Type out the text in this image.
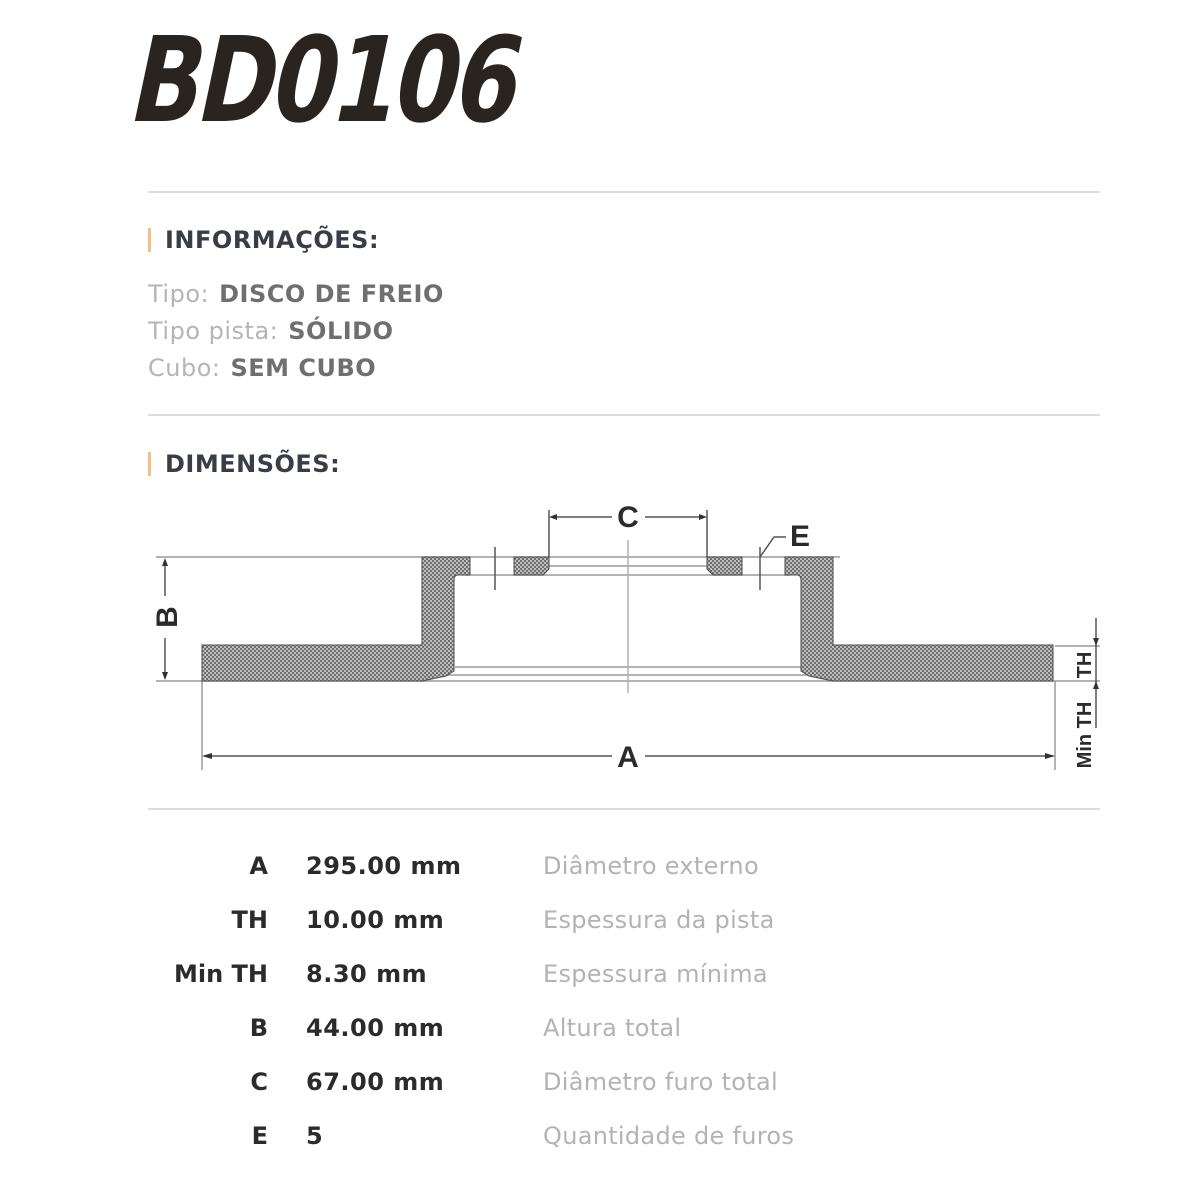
BD0106
INFORMAÇÕES:
Tipo: DISCO DE FREIO
Tipo pista: SÓLIDO
Cubo: SEM CUBO
DIMENSÕES:
C
E
B
A
TH
Min TH
A 295.00 mm	Diâmetro externo
TH 10.00 mm	Espessura da pista
Min TH 8.30 mm	Espessura mínima
B 44.00 mm	Altura total
C 67.00 mm	Diâmetro furo total
E 5	Quantidade de furos
